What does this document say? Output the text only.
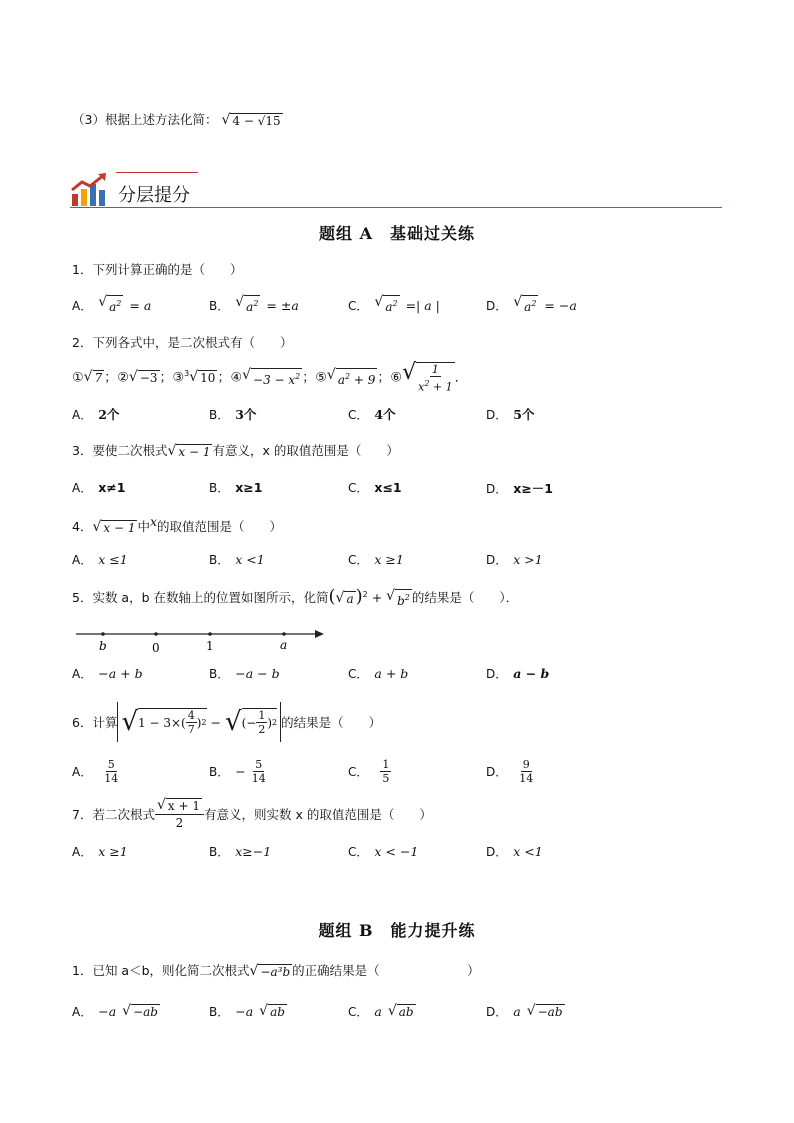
（3）根据上述方法化简： √ 4 − √15
分层提分
题组 A　基础过关练
1．下列计算正确的是（　　）
A． √ $a^2 = a$	B． √ $a^2 = \pm a$	C． √ $a^2$ =| a |	D． √ $a^2 = -a$
2．下列各式中，是二次根式有（　　）
① √ 7 ；② √ −3 ；③$^3$ √ 10 ；④ √ $-3 - x^2$ ；⑤ √ $a^2 + 9$ ；⑥ √ $\frac{1}{x^2 + 1}$ ．
A． 2个	B． 3个	C． 4个	D． 5个
3．要使二次根式 √ x − 1 有意义，x 的取值范围是（　　）
A． x≠1	B． x≥1	C． x≤1	D． x≥－1
4． √ x − 1 中$^x$的取值范围是（　　）
A． x ≤1	B． x <1	C． x ≥1	D． x >1
5．实数 a，b 在数轴上的位置如图所示，化简( √ a )$^2$ + √ $b^2$ 的结果是（　　）．
b	0	1	a
A． −a + b	B． −a − b	C． a + b	D． a − b
6．计算 √ $1 - 3\times( \frac{4}{7}$ ) 2 − √ (− $\frac{1}{2}$ ) 2 的结果是（　　）
A． $\frac{5}{14}$	B． − $\frac{5}{14}$	C． $\frac{1}{5}$	D． $\frac{9}{14}$
7．若二次根式 $\frac{√ x + 1}{2}$ 有意义，则实数 x 的取值范围是（　　）
A． x ≥1	B． x≥−1	C． x < −1	D． x <1
题组 B　能力提升练
1．已知 a＜b，则化简二次根式 √ −a³b 的正确结果是（　　　　　　　）
A． −a √ −ab	B． −a √ ab	C． a √ ab	D． a √ −ab
